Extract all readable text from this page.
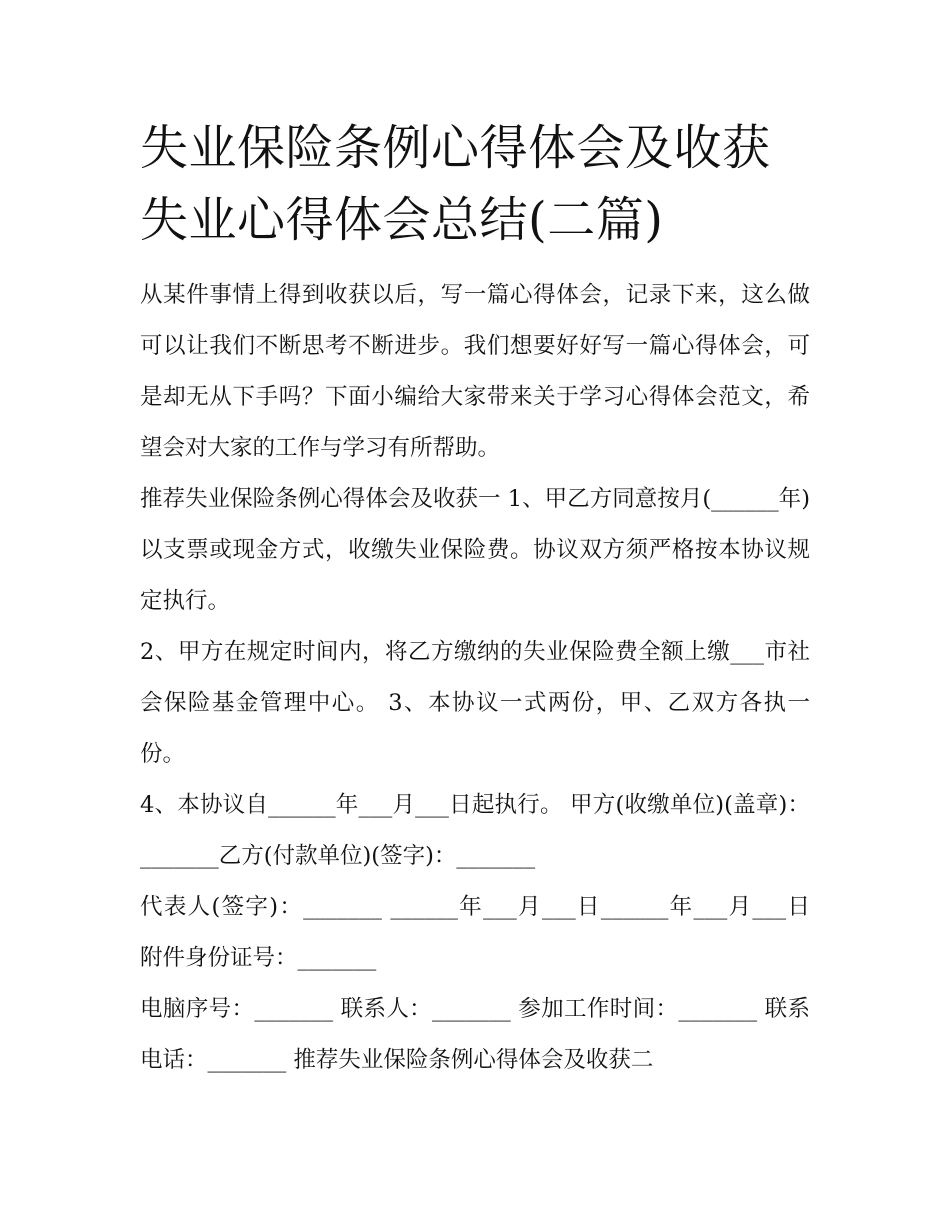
失业保险条例心得体会及收获
失业心得体会总结(二篇)

从某件事情上得到收获以后，写一篇心得体会，记录下来，这么做可以让我们不断思考不断进步。我们想要好好写一篇心得体会，可是却无从下手吗？下面小编给大家带来关于学习心得体会范文，希望会对大家的工作与学习有所帮助。

推荐失业保险条例心得体会及收获一 1、甲乙方同意按月(______年)以支票或现金方式，收缴失业保险费。协议双方须严格按本协议规定执行。

2、甲方在规定时间内，将乙方缴纳的失业保险费全额上缴___市社会保险基金管理中心。 3、本协议一式两份，甲、乙双方各执一份。

4、本协议自______年___月___日起执行。 甲方(收缴单位)(盖章)：_______乙方(付款单位)(签字)：_______

代表人(签字)：_______ ______年___月___日______年___月___日 附件身份证号：_______

电脑序号：_______ 联系人：_______ 参加工作时间：_______ 联系电话：_______ 推荐失业保险条例心得体会及收获二
